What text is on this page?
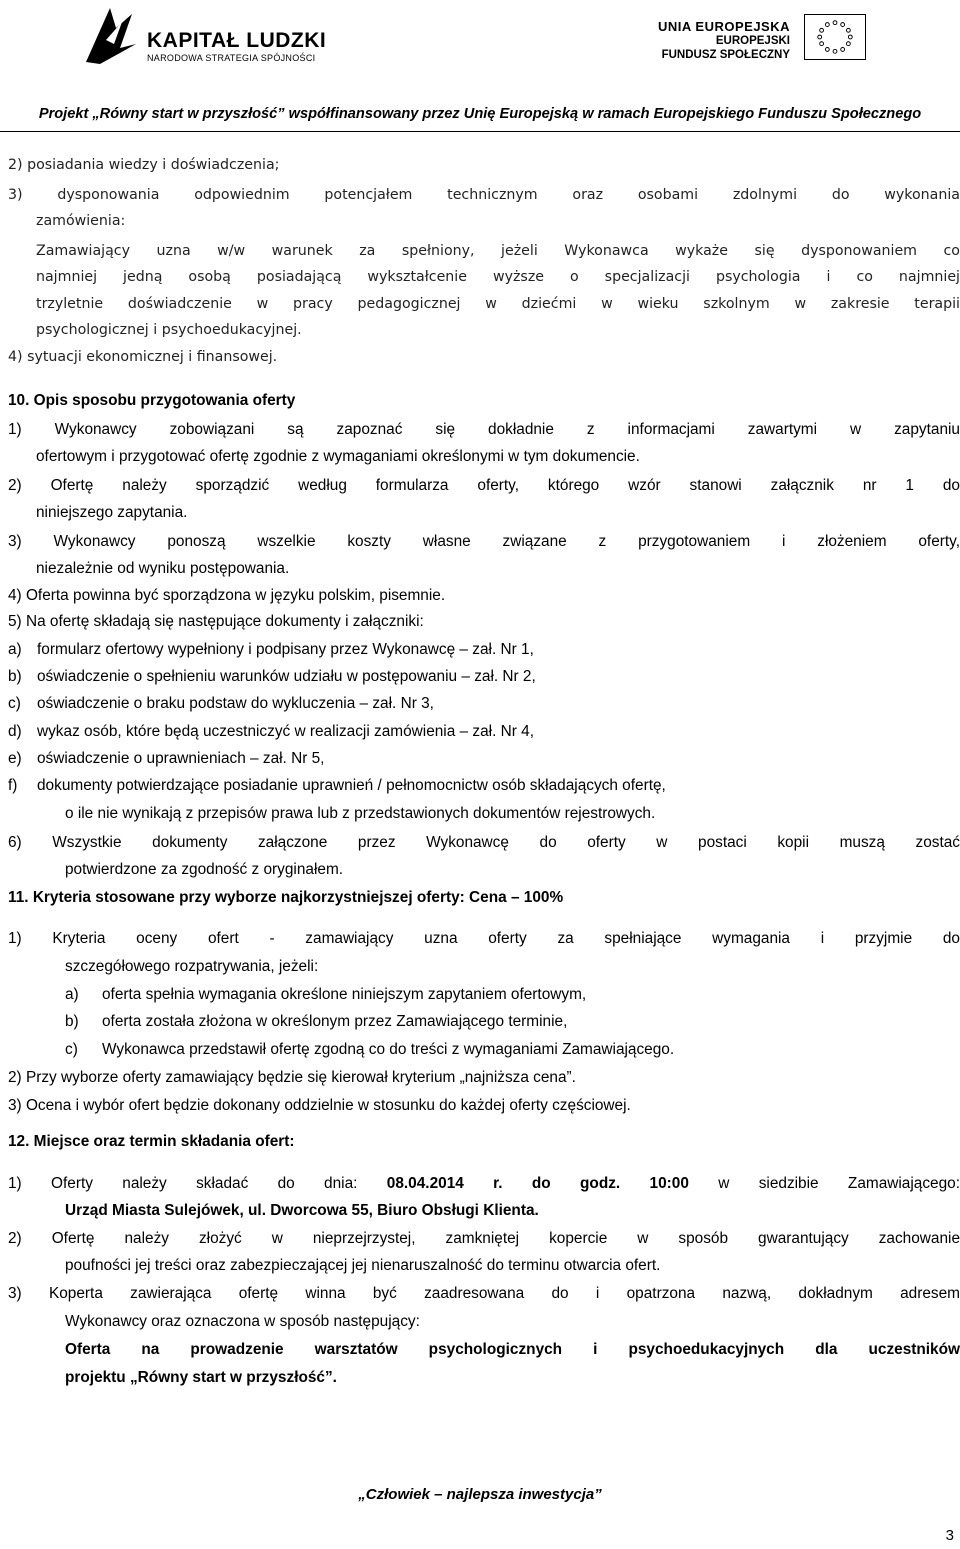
KAPITAŁ LUDZKI
NARODOWA STRATEGIA SPÓJNOŚCI
UNIA EUROPEJSKA
EUROPEJSKI
FUNDUSZ SPOŁECZNY
Projekt „Równy start w przyszłość” współfinansowany przez Unię Europejską w ramach Europejskiego Funduszu Społecznego
2) posiadania wiedzy i doświadczenia;
3) dysponowania odpowiednim potencjałem technicznym oraz osobami zdolnymi do wykonania
zamówienia:
Zamawiający uzna w/w warunek za spełniony, jeżeli Wykonawca wykaże się dysponowaniem co
najmniej jedną osobą posiadającą wykształcenie wyższe o specjalizacji psychologia i co najmniej
trzyletnie doświadczenie w pracy pedagogicznej w dziećmi w wieku szkolnym w zakresie terapii
psychologicznej i psychoedukacyjnej.
4) sytuacji ekonomicznej i finansowej.
10. Opis sposobu przygotowania oferty
1) Wykonawcy zobowiązani są zapoznać się dokładnie z informacjami zawartymi w zapytaniu
ofertowym i przygotować ofertę zgodnie z wymaganiami określonymi w tym dokumencie.
2) Ofertę należy sporządzić według formularza oferty, którego wzór stanowi załącznik nr 1 do
niniejszego zapytania.
3) Wykonawcy ponoszą wszelkie koszty własne związane z przygotowaniem i złożeniem oferty,
niezależnie od wyniku postępowania.
4) Oferta powinna być sporządzona w języku polskim, pisemnie.
5) Na ofertę składają się następujące dokumenty i załączniki:
a) formularz ofertowy wypełniony i podpisany przez Wykonawcę – zał. Nr 1,
b) oświadczenie o spełnieniu warunków udziału w postępowaniu – zał. Nr 2,
c) oświadczenie o braku podstaw do wykluczenia – zał. Nr 3,
d) wykaz osób, które będą uczestniczyć w realizacji zamówienia – zał. Nr 4,
e) oświadczenie o uprawnieniach – zał. Nr 5,
f) dokumenty potwierdzające posiadanie uprawnień / pełnomocnictw osób składających ofertę,
o ile nie wynikają z przepisów prawa lub z przedstawionych dokumentów rejestrowych.
6) Wszystkie dokumenty załączone przez Wykonawcę do oferty w postaci kopii muszą zostać
potwierdzone za zgodność z oryginałem.
11. Kryteria stosowane przy wyborze najkorzystniejszej oferty: Cena – 100%
1) Kryteria oceny ofert - zamawiający uzna oferty za spełniające wymagania i przyjmie do
szczegółowego rozpatrywania, jeżeli:
a) oferta spełnia wymagania określone niniejszym zapytaniem ofertowym,
b) oferta została złożona w określonym przez Zamawiającego terminie,
c) Wykonawca przedstawił ofertę zgodną co do treści z wymaganiami Zamawiającego.
2) Przy wyborze oferty zamawiający będzie się kierował kryterium „najniższa cena”.
3) Ocena i wybór ofert będzie dokonany oddzielnie w stosunku do każdej oferty częściowej.
12. Miejsce oraz termin składania ofert:
1) Oferty należy składać do dnia: 08.04.2014 r. do godz. 10:00 w siedzibie Zamawiającego:
Urząd Miasta Sulejówek, ul. Dworcowa 55, Biuro Obsługi Klienta.
2) Ofertę należy złożyć w nieprzejrzystej, zamkniętej kopercie w sposób gwarantujący zachowanie
poufności jej treści oraz zabezpieczającej jej nienaruszalność do terminu otwarcia ofert.
3) Koperta zawierająca ofertę winna być zaadresowana do i opatrzona nazwą, dokładnym adresem
Wykonawcy oraz oznaczona w sposób następujący:
Oferta na prowadzenie warsztatów psychologicznych i psychoedukacyjnych dla uczestników
projektu „Równy start w przyszłość”.
„Człowiek – najlepsza inwestycja”
3
